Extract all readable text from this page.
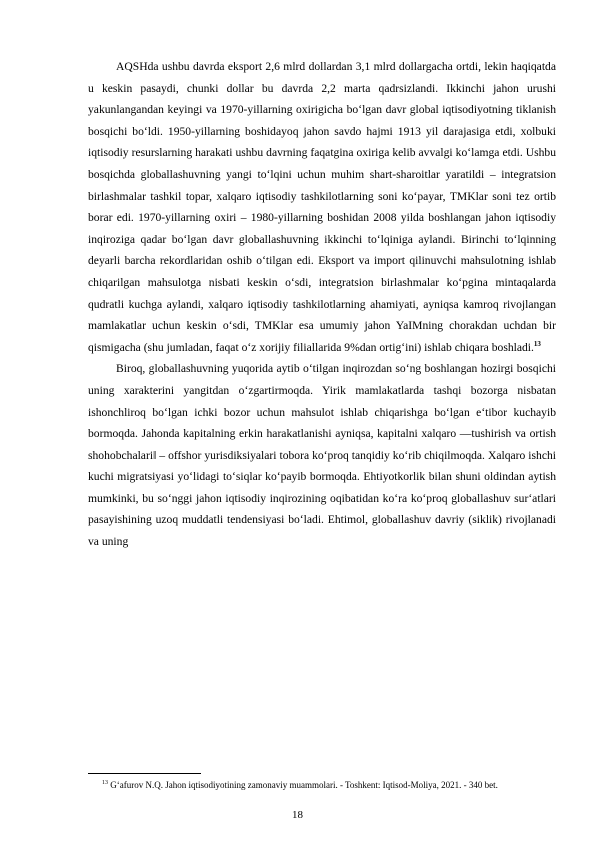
AQSHda ushbu davrda eksport 2,6 mlrd dollardan 3,1 mlrd dollargacha ortdi, lekin haqiqatda u keskin pasaydi, chunki dollar bu davrda 2,2 marta qadrsizlandi. Ikkinchi jahon urushi yakunlangandan keyingi va 1970-yillarning oxirigicha bo‘lgan davr global iqtisodiyotning tiklanish bosqichi bo‘ldi. 1950-yillarning boshidayoq jahon savdo hajmi 1913 yil darajasiga etdi, xolbuki iqtisodiy resurslarning harakati ushbu davrning faqatgina oxiriga kelib avvalgi ko‘lamga etdi. Ushbu bosqichda globallashuvning yangi to‘lqini uchun muhim shart-sharoitlar yaratildi – integratsion birlashmalar tashkil topar, xalqaro iqtisodiy tashkilotlarning soni ko‘payar, TMKlar soni tez ortib borar edi. 1970-yillarning oxiri – 1980-yillarning boshidan 2008 yilda boshlangan jahon iqtisodiy inqiroziga qadar bo‘lgan davr globallashuvning ikkinchi to‘lqiniga aylandi. Birinchi to‘lqinning deyarli barcha rekordlaridan oshib o‘tilgan edi. Eksport va import qilinuvchi mahsulotning ishlab chiqarilgan mahsulotga nisbati keskin o‘sdi, integratsion birlashmalar ko‘pgina mintaqalarda qudratli kuchga aylandi, xalqaro iqtisodiy tashkilotlarning ahamiyati, ayniqsa kamroq rivojlangan mamlakatlar uchun keskin o‘sdi, TMKlar esa umumiy jahon YaIMning chorakdan uchdan bir qismigacha (shu jumladan, faqat o‘z xorijiy filiallarida 9%dan ortig‘ini) ishlab chiqara boshladi.$^{13}$

Biroq, globallashuvning yuqorida aytib o‘tilgan inqirozdan so‘ng boshlangan hozirgi bosqichi uning xarakterini yangitdan o‘zgartirmoqda. Yirik mamlakatlarda tashqi bozorga nisbatan ishonchliroq bo‘lgan ichki bozor uchun mahsulot ishlab chiqarishga bo‘lgan e‘tibor kuchayib bormoqda. Jahonda kapitalning erkin harakatlanishi ayniqsa, kapitalni xalqaro ―tushirish va ortish shohobchalari‖ – offshor yurisdiksiyalari tobora ko‘proq tanqidiy ko‘rib chiqilmoqda. Xalqaro ishchi kuchi migratsiyasi yo‘lidagi to‘siqlar ko‘payib bormoqda. Ehtiyotkorlik bilan shuni oldindan aytish mumkinki, bu so‘nggi jahon iqtisodiy inqirozining oqibatidan ko‘ra ko‘proq globallashuv sur‘atlari pasayishining uzoq muddatli tendensiyasi bo‘ladi. Ehtimol, globallashuv davriy (siklik) rivojlanadi va uning

$^{13}$ G‘afurov N.Q. Jahon iqtisodiyotining zamonaviy muammolari. - Toshkent: Iqtisod-Moliya, 2021. - 340 bet.

18
